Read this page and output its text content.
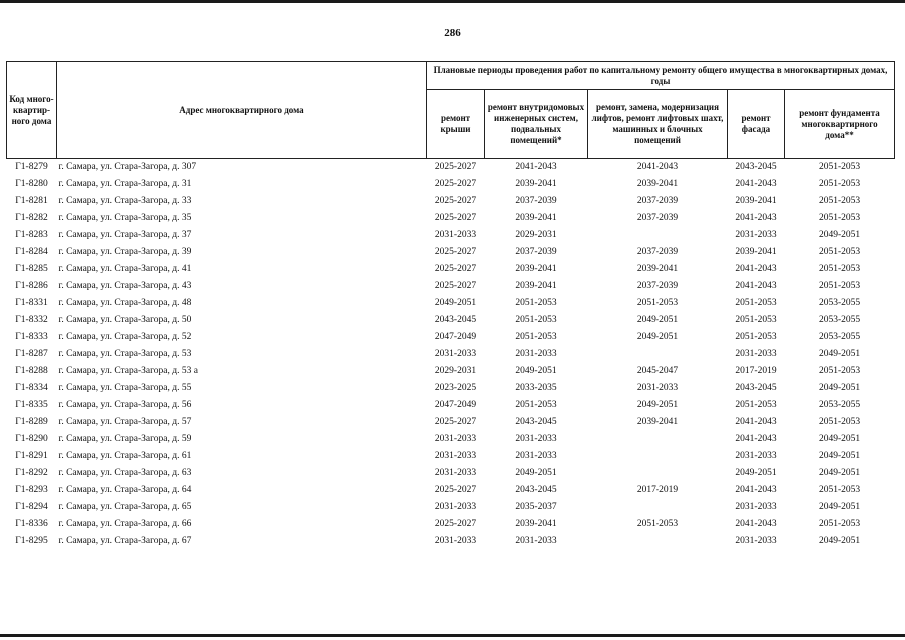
286
Код много-квартир-ного дома	Адрес многоквартирного дома	Плановые периоды проведения работ по капитальному ремонту общего имущества в многоквартирных домах, годы				
		ремонт крыши	ремонт внутридомовых инженерных систем, подвальных помещений*	ремонт, замена, модернизация лифтов, ремонт лифтовых шахт, машинных и блочных помещений	ремонт фасада	ремонт фундамента многоквартирного дома**
Г1-8279	г. Самара, ул. Стара-Загора, д. 307	2025-2027	2041-2043	2041-2043	2043-2045	2051-2053
Г1-8280	г. Самара, ул. Стара-Загора, д. 31	2025-2027	2039-2041	2039-2041	2041-2043	2051-2053
Г1-8281	г. Самара, ул. Стара-Загора, д. 33	2025-2027	2037-2039	2037-2039	2039-2041	2051-2053
Г1-8282	г. Самара, ул. Стара-Загора, д. 35	2025-2027	2039-2041	2037-2039	2041-2043	2051-2053
Г1-8283	г. Самара, ул. Стара-Загора, д. 37	2031-2033	2029-2031		2031-2033	2049-2051
Г1-8284	г. Самара, ул. Стара-Загора, д. 39	2025-2027	2037-2039	2037-2039	2039-2041	2051-2053
Г1-8285	г. Самара, ул. Стара-Загора, д. 41	2025-2027	2039-2041	2039-2041	2041-2043	2051-2053
Г1-8286	г. Самара, ул. Стара-Загора, д. 43	2025-2027	2039-2041	2037-2039	2041-2043	2051-2053
Г1-8331	г. Самара, ул. Стара-Загора, д. 48	2049-2051	2051-2053	2051-2053	2051-2053	2053-2055
Г1-8332	г. Самара, ул. Стара-Загора, д. 50	2043-2045	2051-2053	2049-2051	2051-2053	2053-2055
Г1-8333	г. Самара, ул. Стара-Загора, д. 52	2047-2049	2051-2053	2049-2051	2051-2053	2053-2055
Г1-8287	г. Самара, ул. Стара-Загора, д. 53	2031-2033	2031-2033		2031-2033	2049-2051
Г1-8288	г. Самара, ул. Стара-Загора, д. 53 а	2029-2031	2049-2051	2045-2047	2017-2019	2051-2053
Г1-8334	г. Самара, ул. Стара-Загора, д. 55	2023-2025	2033-2035	2031-2033	2043-2045	2049-2051
Г1-8335	г. Самара, ул. Стара-Загора, д. 56	2047-2049	2051-2053	2049-2051	2051-2053	2053-2055
Г1-8289	г. Самара, ул. Стара-Загора, д. 57	2025-2027	2043-2045	2039-2041	2041-2043	2051-2053
Г1-8290	г. Самара, ул. Стара-Загора, д. 59	2031-2033	2031-2033		2041-2043	2049-2051
Г1-8291	г. Самара, ул. Стара-Загора, д. 61	2031-2033	2031-2033		2031-2033	2049-2051
Г1-8292	г. Самара, ул. Стара-Загора, д. 63	2031-2033	2049-2051		2049-2051	2049-2051
Г1-8293	г. Самара, ул. Стара-Загора, д. 64	2025-2027	2043-2045	2017-2019	2041-2043	2051-2053
Г1-8294	г. Самара, ул. Стара-Загора, д. 65	2031-2033	2035-2037		2031-2033	2049-2051
Г1-8336	г. Самара, ул. Стара-Загора, д. 66	2025-2027	2039-2041	2051-2053	2041-2043	2051-2053
Г1-8295	г. Самара, ул. Стара-Загора, д. 67	2031-2033	2031-2033		2031-2033	2049-2051
